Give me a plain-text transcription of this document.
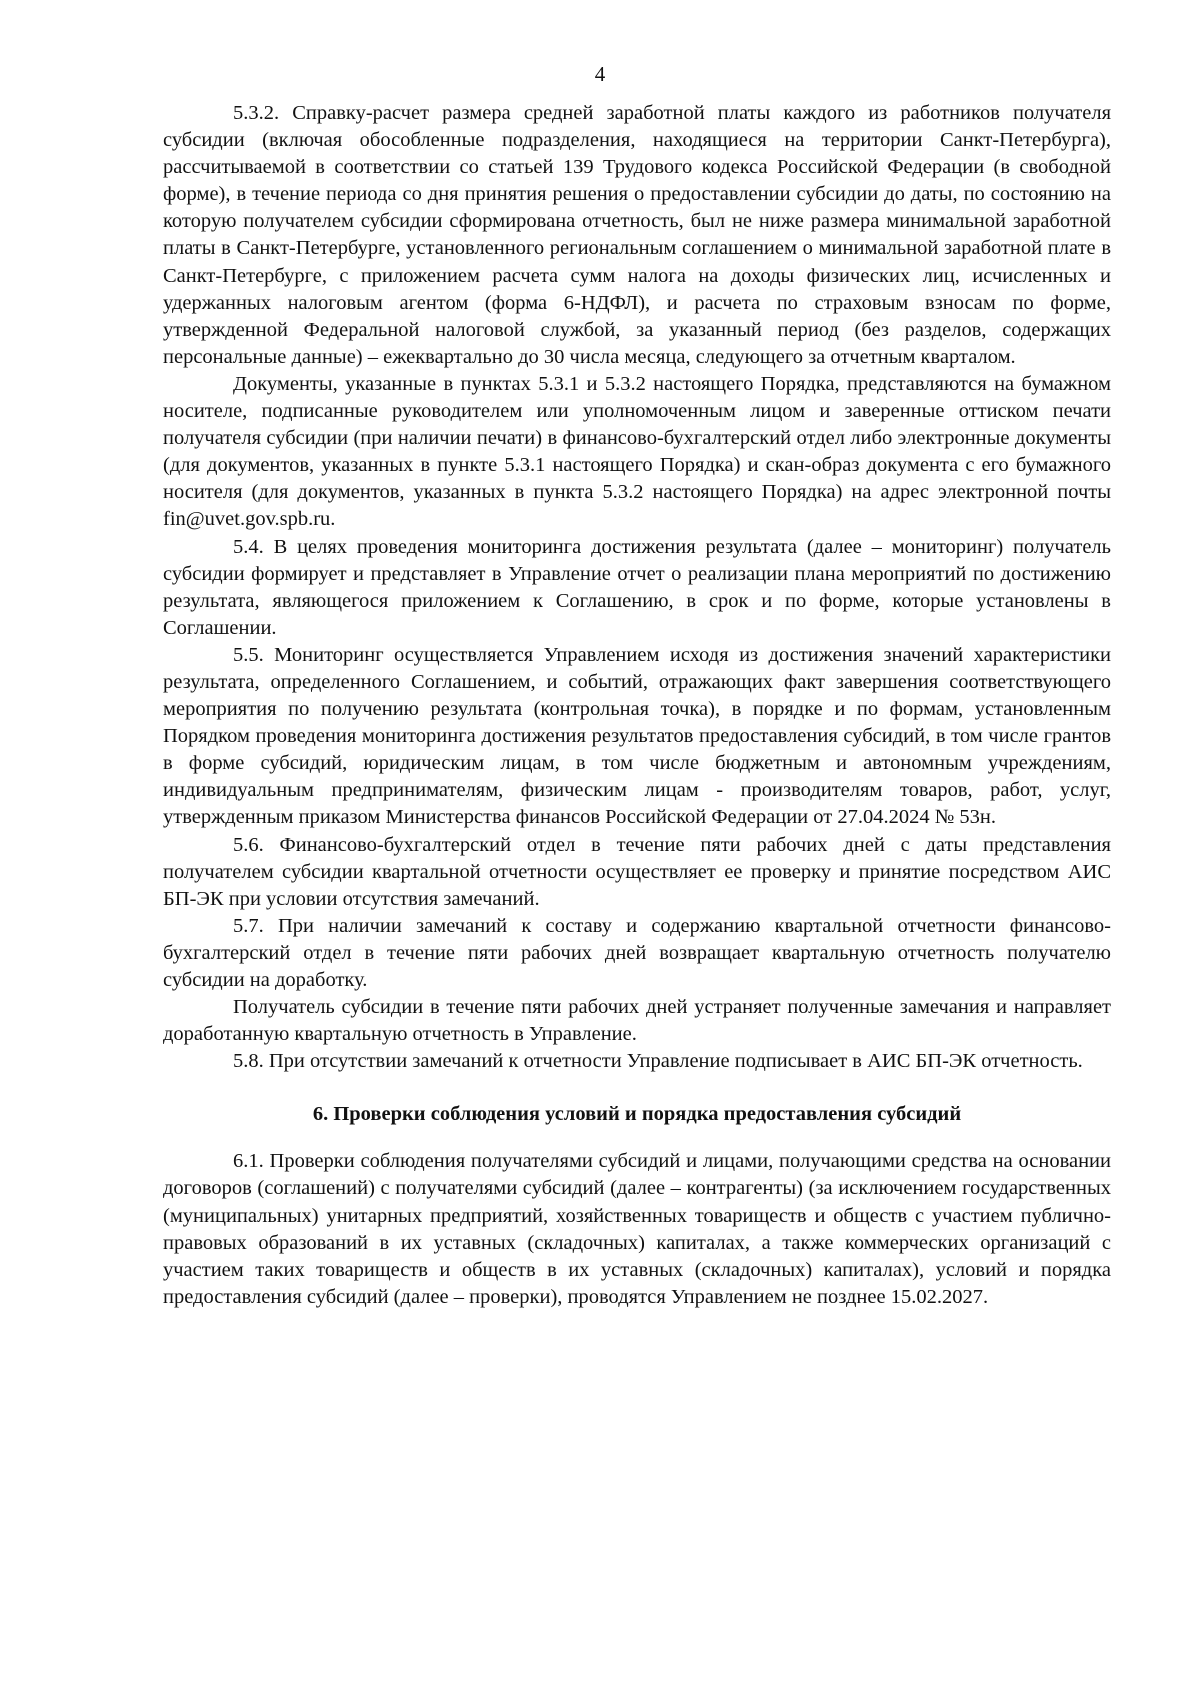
4

5.3.2. Справку-расчет размера средней заработной платы каждого из работников получателя субсидии (включая обособленные подразделения, находящиеся на территории Санкт-Петербурга), рассчитываемой в соответствии со статьей 139 Трудового кодекса Российской Федерации (в свободной форме), в течение периода со дня принятия решения о предоставлении субсидии до даты, по состоянию на которую получателем субсидии сформирована отчетность, был не ниже размера минимальной заработной платы в Санкт-Петербурге, установленного региональным соглашением о минимальной заработной плате в Санкт-Петербурге, с приложением расчета сумм налога на доходы физических лиц, исчисленных и удержанных налоговым агентом (форма 6-НДФЛ), и расчета по страховым взносам по форме, утвержденной Федеральной налоговой службой, за указанный период (без разделов, содержащих персональные данные) – ежеквартально до 30 числа месяца, следующего за отчетным кварталом.

Документы, указанные в пунктах 5.3.1 и 5.3.2 настоящего Порядка, представляются на бумажном носителе, подписанные руководителем или уполномоченным лицом и заверенные оттиском печати получателя субсидии (при наличии печати) в финансово-бухгалтерский отдел либо электронные документы (для документов, указанных в пункте 5.3.1 настоящего Порядка) и скан-образ документа с его бумажного носителя (для документов, указанных в пункта 5.3.2 настоящего Порядка) на адрес электронной почты fin@uvet.gov.spb.ru.

5.4. В целях проведения мониторинга достижения результата (далее – мониторинг) получатель субсидии формирует и представляет в Управление отчет о реализации плана мероприятий по достижению результата, являющегося приложением к Соглашению, в срок и по форме, которые установлены в Соглашении.

5.5. Мониторинг осуществляется Управлением исходя из достижения значений характеристики результата, определенного Соглашением, и событий, отражающих факт завершения соответствующего мероприятия по получению результата (контрольная точка), в порядке и по формам, установленным Порядком проведения мониторинга достижения результатов предоставления субсидий, в том числе грантов в форме субсидий, юридическим лицам, в том числе бюджетным и автономным учреждениям, индивидуальным предпринимателям, физическим лицам - производителям товаров, работ, услуг, утвержденным приказом Министерства финансов Российской Федерации от 27.04.2024 № 53н.

5.6. Финансово-бухгалтерский отдел в течение пяти рабочих дней с даты представления получателем субсидии квартальной отчетности осуществляет ее проверку и принятие посредством АИС БП-ЭК при условии отсутствия замечаний.

5.7. При наличии замечаний к составу и содержанию квартальной отчетности финансово-бухгалтерский отдел в течение пяти рабочих дней возвращает квартальную отчетность получателю субсидии на доработку.

Получатель субсидии в течение пяти рабочих дней устраняет полученные замечания и направляет доработанную квартальную отчетность в Управление.

5.8. При отсутствии замечаний к отчетности Управление подписывает в АИС БП-ЭК отчетность.

6. Проверки соблюдения условий и порядка предоставления субсидий

6.1. Проверки соблюдения получателями субсидий и лицами, получающими средства на основании договоров (соглашений) с получателями субсидий (далее – контрагенты) (за исключением государственных (муниципальных) унитарных предприятий, хозяйственных товариществ и обществ с участием публично-правовых образований в их уставных (складочных) капиталах, а также коммерческих организаций с участием таких товариществ и обществ в их уставных (складочных) капиталах), условий и порядка предоставления субсидий (далее – проверки), проводятся Управлением не позднее 15.02.2027.
